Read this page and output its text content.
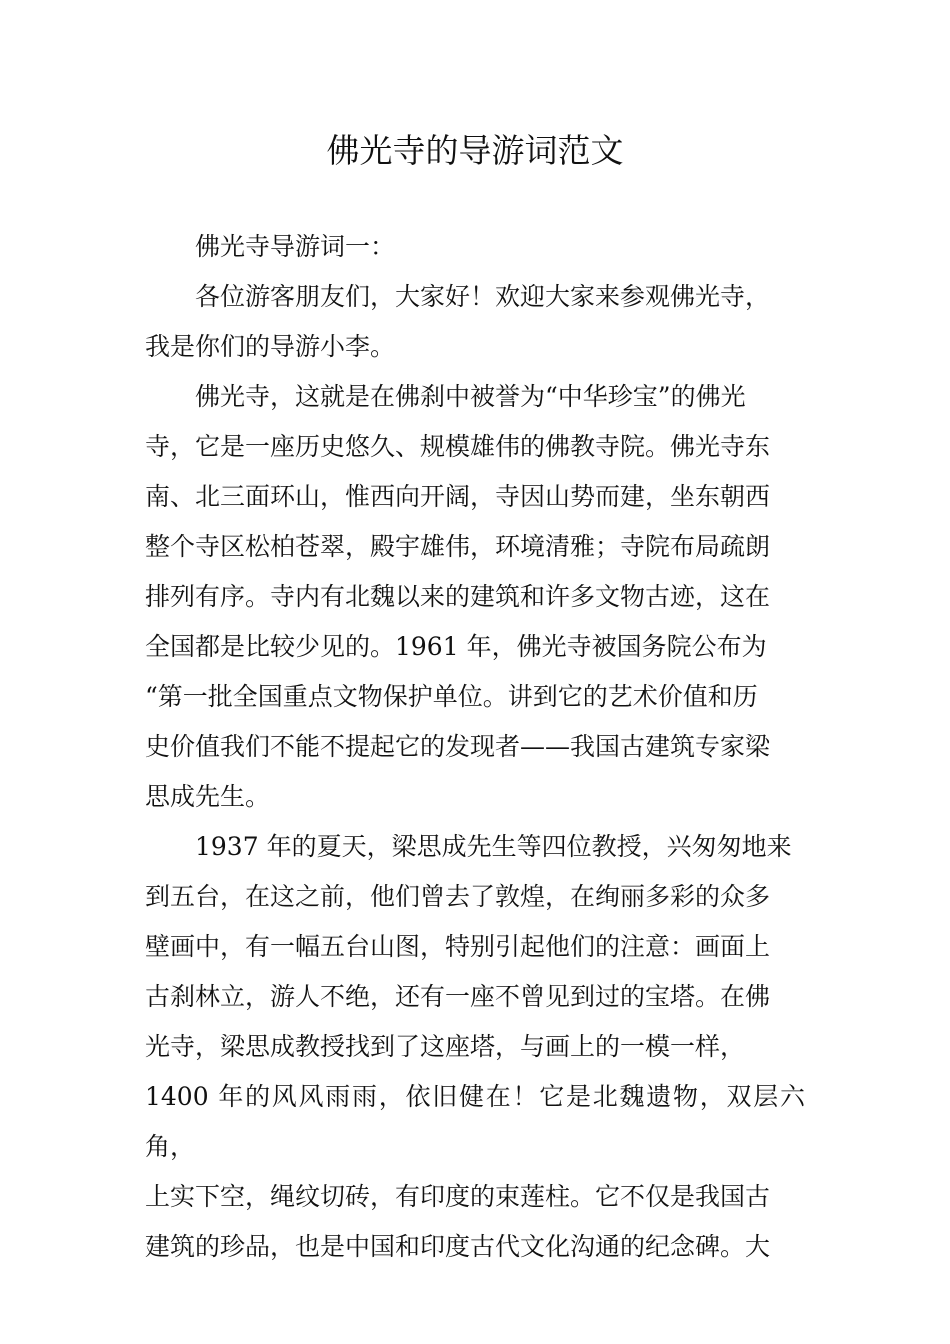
佛光寺的导游词范文

佛光寺导游词一：

各位游客朋友们，大家好！欢迎大家来参观佛光寺，
我是你们的导游小李。

佛光寺，这就是在佛刹中被誉为“中华珍宝”的佛光
寺，它是一座历史悠久、规模雄伟的佛教寺院。佛光寺东
南、北三面环山，惟西向开阔，寺因山势而建，坐东朝西
整个寺区松柏苍翠，殿宇雄伟，环境清雅；寺院布局疏朗
排列有序。寺内有北魏以来的建筑和许多文物古迹，这在
全国都是比较少见的。1961 年，佛光寺被国务院公布为
“第一批全国重点文物保护单位。讲到它的艺术价值和历
史价值我们不能不提起它的发现者——我国古建筑专家梁
思成先生。

1937 年的夏天，梁思成先生等四位教授，兴匆匆地来
到五台，在这之前，他们曾去了敦煌，在绚丽多彩的众多
壁画中，有一幅五台山图，特别引起他们的注意：画面上
古刹林立，游人不绝，还有一座不曾见到过的宝塔。在佛
光寺，梁思成教授找到了这座塔，与画上的一模一样，
1400 年的风风雨雨，依旧健在！它是北魏遗物，双层六角，
上实下空，绳纹切砖，有印度的束莲柱。它不仅是我国古
建筑的珍品，也是中国和印度古代文化沟通的纪念碑。大
